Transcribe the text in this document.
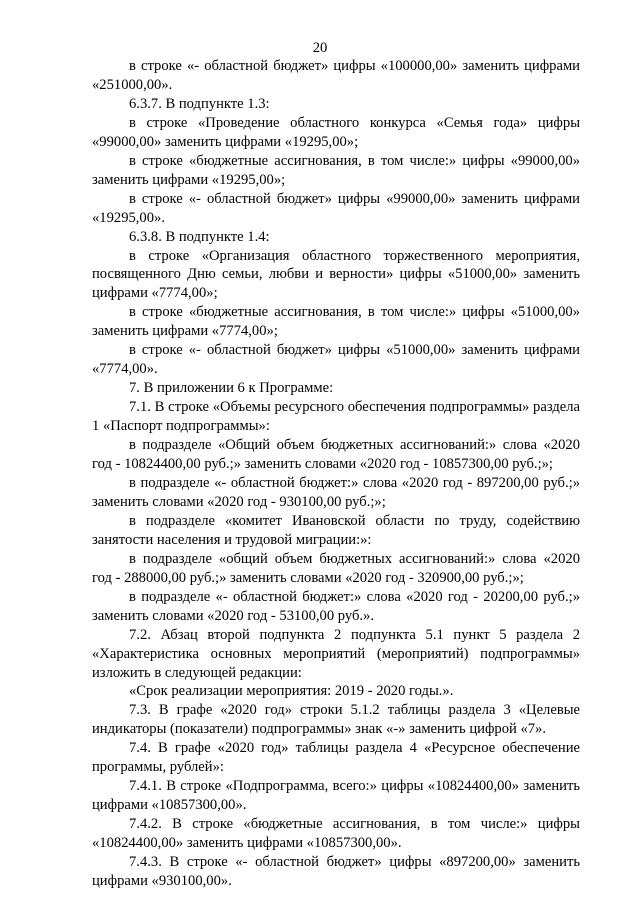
20

в строке «- областной бюджет» цифры «100000,00» заменить цифрами «251000,00».

6.3.7. В подпункте 1.3:

в строке «Проведение областного конкурса «Семья года» цифры «99000,00» заменить цифрами «19295,00»;

в строке «бюджетные ассигнования, в том числе:» цифры «99000,00» заменить цифрами «19295,00»;

в строке «- областной бюджет» цифры «99000,00» заменить цифрами «19295,00».

6.3.8. В подпункте 1.4:

в строке «Организация областного торжественного мероприятия, посвященного Дню семьи, любви и верности» цифры «51000,00» заменить цифрами «7774,00»;

в строке «бюджетные ассигнования, в том числе:» цифры «51000,00» заменить цифрами «7774,00»;

в строке «- областной бюджет» цифры «51000,00» заменить цифрами «7774,00».

7. В приложении 6 к Программе:

7.1. В строке «Объемы ресурсного обеспечения подпрограммы» раздела 1 «Паспорт подпрограммы»:

в подразделе «Общий объем бюджетных ассигнований:» слова «2020 год - 10824400,00 руб.;» заменить словами «2020 год - 10857300,00 руб.;»;

в подразделе «- областной бюджет:» слова «2020 год - 897200,00 руб.;» заменить словами «2020 год - 930100,00 руб.;»;

в подразделе «комитет Ивановской области по труду, содействию занятости населения и трудовой миграции:»:

в подразделе «общий объем бюджетных ассигнований:» слова «2020 год - 288000,00 руб.;» заменить словами «2020 год - 320900,00 руб.;»;

в подразделе «- областной бюджет:» слова «2020 год - 20200,00 руб.;» заменить словами «2020 год - 53100,00 руб.».

7.2. Абзац второй подпункта 2 подпункта 5.1 пункт 5 раздела 2 «Характеристика основных мероприятий (мероприятий) подпрограммы» изложить в следующей редакции:

«Срок реализации мероприятия: 2019 - 2020 годы.».

7.3. В графе «2020 год» строки 5.1.2 таблицы раздела 3 «Целевые индикаторы (показатели) подпрограммы» знак «-» заменить цифрой «7».

7.4. В графе «2020 год» таблицы раздела 4 «Ресурсное обеспечение программы, рублей»:

7.4.1. В строке «Подпрограмма, всего:» цифры «10824400,00» заменить цифрами «10857300,00».

7.4.2. В строке «бюджетные ассигнования, в том числе:» цифры «10824400,00» заменить цифрами «10857300,00».

7.4.3. В строке «- областной бюджет» цифры «897200,00» заменить цифрами «930100,00».
